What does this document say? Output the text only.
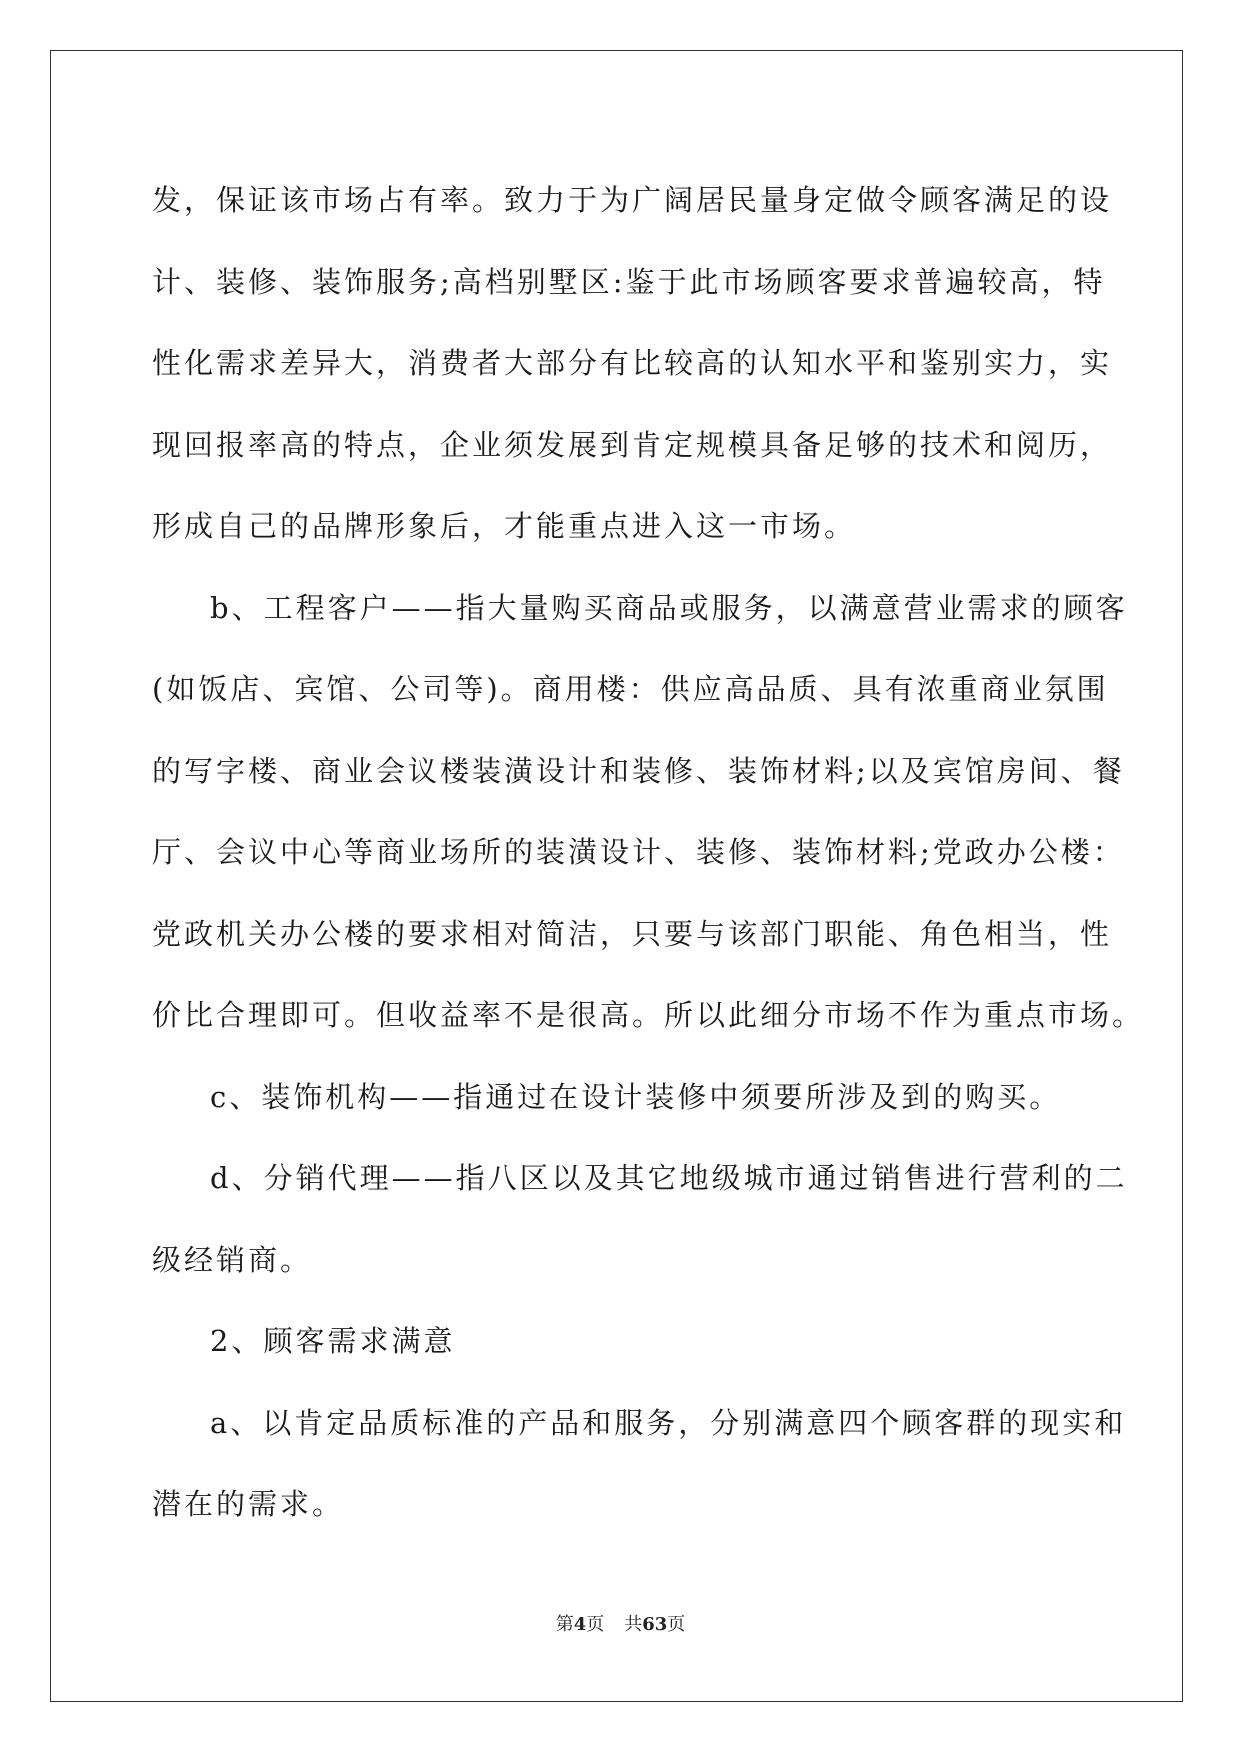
发，保证该市场占有率。致力于为广阔居民量身定做令顾客满足的设
计、装修、装饰服务;高档别墅区:鉴于此市场顾客要求普遍较高，特
性化需求差异大，消费者大部分有比较高的认知水平和鉴别实力，实
现回报率高的特点，企业须发展到肯定规模具备足够的技术和阅历，
形成自己的品牌形象后，才能重点进入这一市场。

b、工程客户——指大量购买商品或服务，以满意营业需求的顾客
(如饭店、宾馆、公司等)。商用楼：供应高品质、具有浓重商业氛围
的写字楼、商业会议楼装潢设计和装修、装饰材料;以及宾馆房间、餐
厅、会议中心等商业场所的装潢设计、装修、装饰材料;党政办公楼：
党政机关办公楼的要求相对简洁，只要与该部门职能、角色相当，性
价比合理即可。但收益率不是很高。所以此细分市场不作为重点市场。

c、装饰机构——指通过在设计装修中须要所涉及到的购买。

d、分销代理——指八区以及其它地级城市通过销售进行营利的二
级经销商。

2、顾客需求满意

a、以肯定品质标准的产品和服务，分别满意四个顾客群的现实和
潜在的需求。

第4页 共63页
